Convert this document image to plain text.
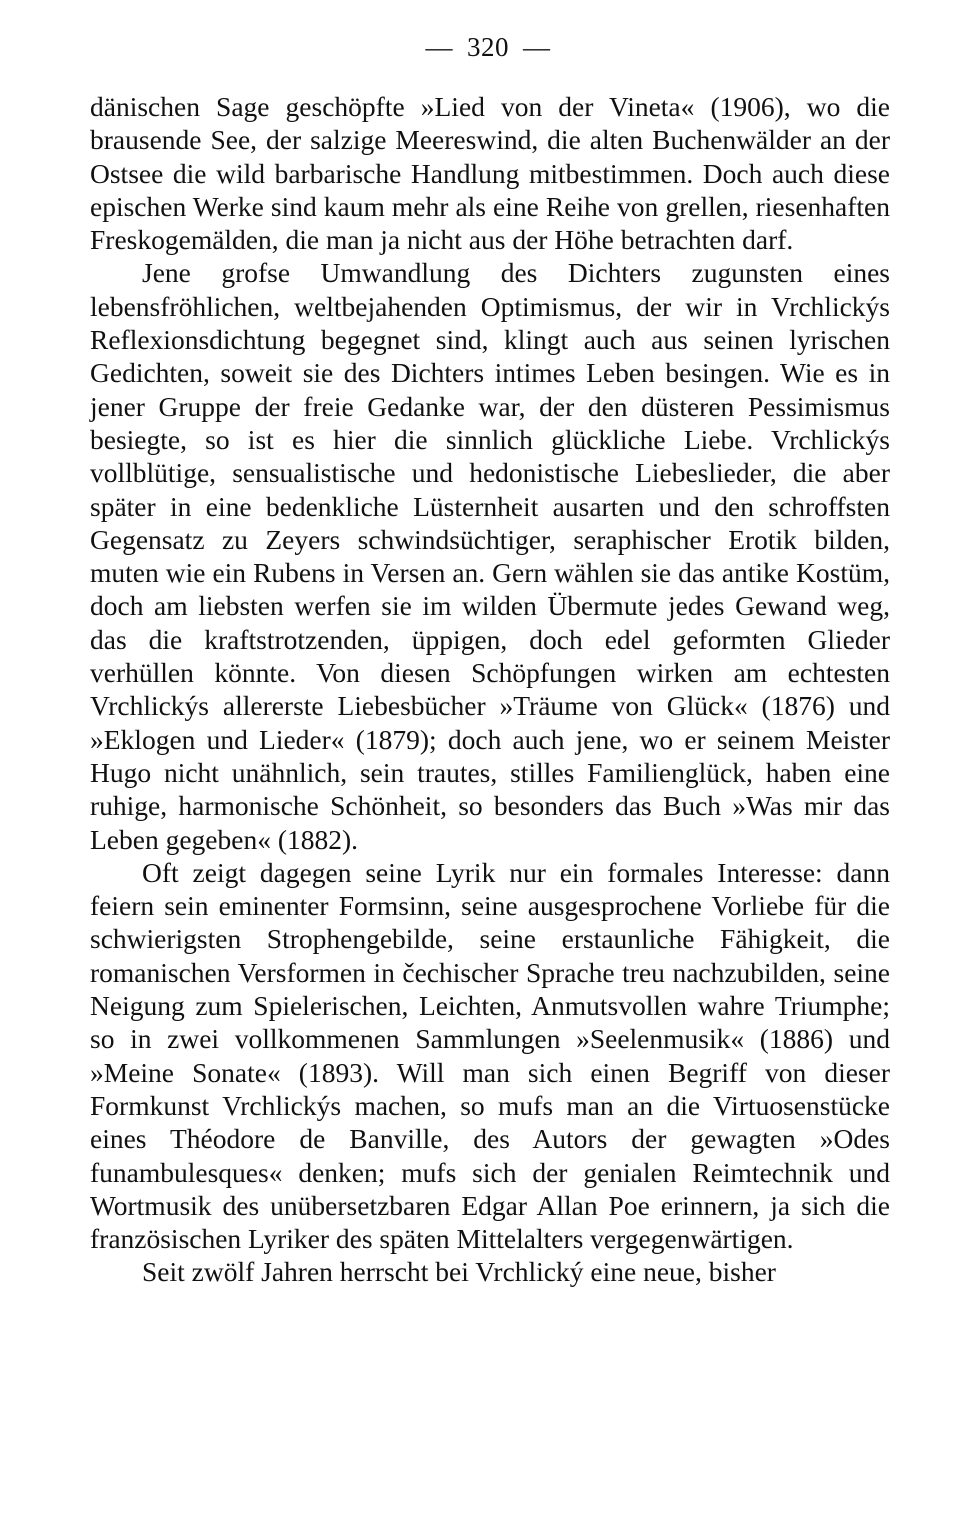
— 320 —

dänischen Sage geschöpfte »Lied von der Vineta« (1906), wo die brausende See, der salzige Meereswind, die alten Buchenwälder an der Ostsee die wild barbarische Handlung mitbestimmen. Doch auch diese epischen Werke sind kaum mehr als eine Reihe von grellen, riesenhaften Freskogemälden, die man ja nicht aus der Höhe betrachten darf.

Jene grofse Umwandlung des Dichters zugunsten eines lebensfröhlichen, weltbejahenden Optimismus, der wir in Vrchlickýs Reflexionsdichtung begegnet sind, klingt auch aus seinen lyrischen Gedichten, soweit sie des Dichters intimes Leben besingen. Wie es in jener Gruppe der freie Gedanke war, der den düsteren Pessimismus besiegte, so ist es hier die sinnlich glückliche Liebe. Vrchlickýs vollblütige, sensualistische und hedonistische Liebeslieder, die aber später in eine bedenkliche Lüsternheit ausarten und den schroffsten Gegensatz zu Zeyers schwindsüchtiger, seraphischer Erotik bilden, muten wie ein Rubens in Versen an. Gern wählen sie das antike Kostüm, doch am liebsten werfen sie im wilden Übermute jedes Gewand weg, das die kraftstrotzenden, üppigen, doch edel geformten Glieder verhüllen könnte. Von diesen Schöpfungen wirken am echtesten Vrchlickýs allererste Liebesbücher »Träume von Glück« (1876) und »Eklogen und Lieder« (1879); doch auch jene, wo er seinem Meister Hugo nicht unähnlich, sein trautes, stilles Familienglück, haben eine ruhige, harmonische Schönheit, so besonders das Buch »Was mir das Leben gegeben« (1882).

Oft zeigt dagegen seine Lyrik nur ein formales Interesse: dann feiern sein eminenter Formsinn, seine ausgesprochene Vorliebe für die schwierigsten Strophengebilde, seine erstaunliche Fähigkeit, die romanischen Versformen in čechischer Sprache treu nachzubilden, seine Neigung zum Spielerischen, Leichten, Anmutsvollen wahre Triumphe; so in zwei vollkommenen Sammlungen »Seelenmusik« (1886) und »Meine Sonate« (1893). Will man sich einen Begriff von dieser Formkunst Vrchlickýs machen, so mufs man an die Virtuosenstücke eines Théodore de Banville, des Autors der gewagten »Odes funambulesques« denken; mufs sich der genialen Reimtechnik und Wortmusik des unübersetzbaren Edgar Allan Poe erinnern, ja sich die französischen Lyriker des späten Mittelalters vergegenwärtigen.

Seit zwölf Jahren herrscht bei Vrchlický eine neue, bisher
